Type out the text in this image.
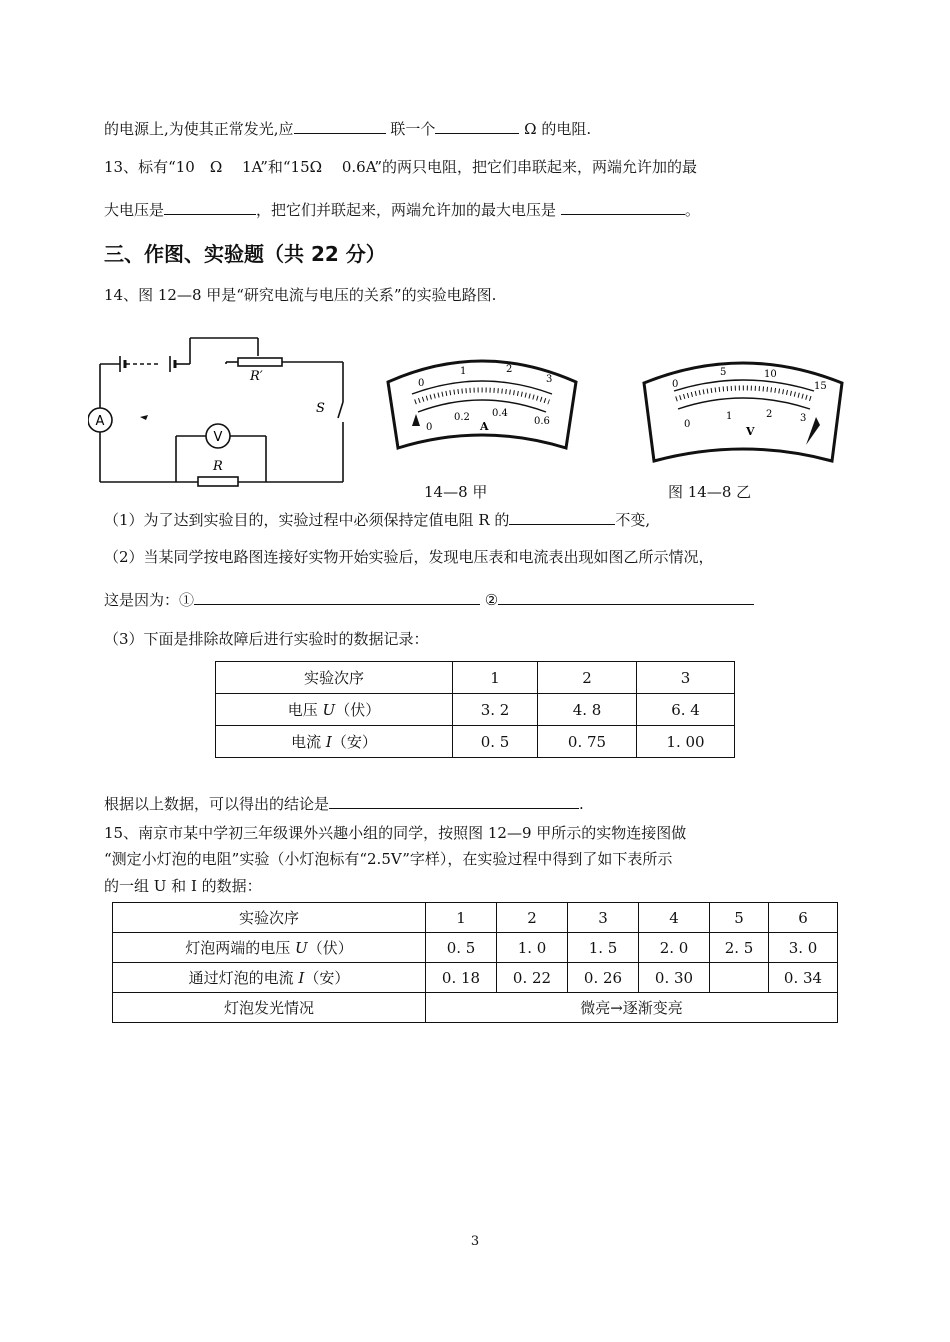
的电源上,为使其正常发光,应	联一个	Ω 的电阻.
13、标有“10　Ω　 1A”和“15Ω　 0.6A”的两只电阻，把它们串联起来，两端允许加的最
大电压是	，把它们并联起来，两端允许加的最大电压是	。
三、作图、实验题（共 22 分）
14、图 12—8 甲是“研究电流与电压的关系”的实验电路图.
A
V
R′
R
S
0
1	2
3
0
0.2 0.4
0.6
A
0
5	10
15
0
1	2	3
V
14—8 甲	图 14—8 乙
（1）为了达到实验目的，实验过程中必须保持定值电阻 R 的	不变,
（2）当某同学按电路图连接好实物开始实验后，发现电压表和电流表出现如图乙所示情况，
这是因为：①	②
（3）下面是排除故障后进行实验时的数据记录：
实验次序	1	2	3
电压 U（伏）	3. 2	4. 8	6. 4
电流 I（安）	0. 5	0. 75	1. 00
根据以上数据，可以得出的结论是	.
15、南京市某中学初三年级课外兴趣小组的同学，按照图 12—9 甲所示的实物连接图做
“测定小灯泡的电阻”实验（小灯泡标有“2.5V”字样），在实验过程中得到了如下表所示
的一组 U 和 I 的数据：
实验次序	1	2	3	4	5	6
灯泡两端的电压 U（伏）	0. 5	1. 0	1. 5	2. 0	2. 5	3. 0
通过灯泡的电流 I（安）	0. 18	0. 22	0. 26	0. 30		0. 34
灯泡发光情况	微亮→逐渐变亮					
3
